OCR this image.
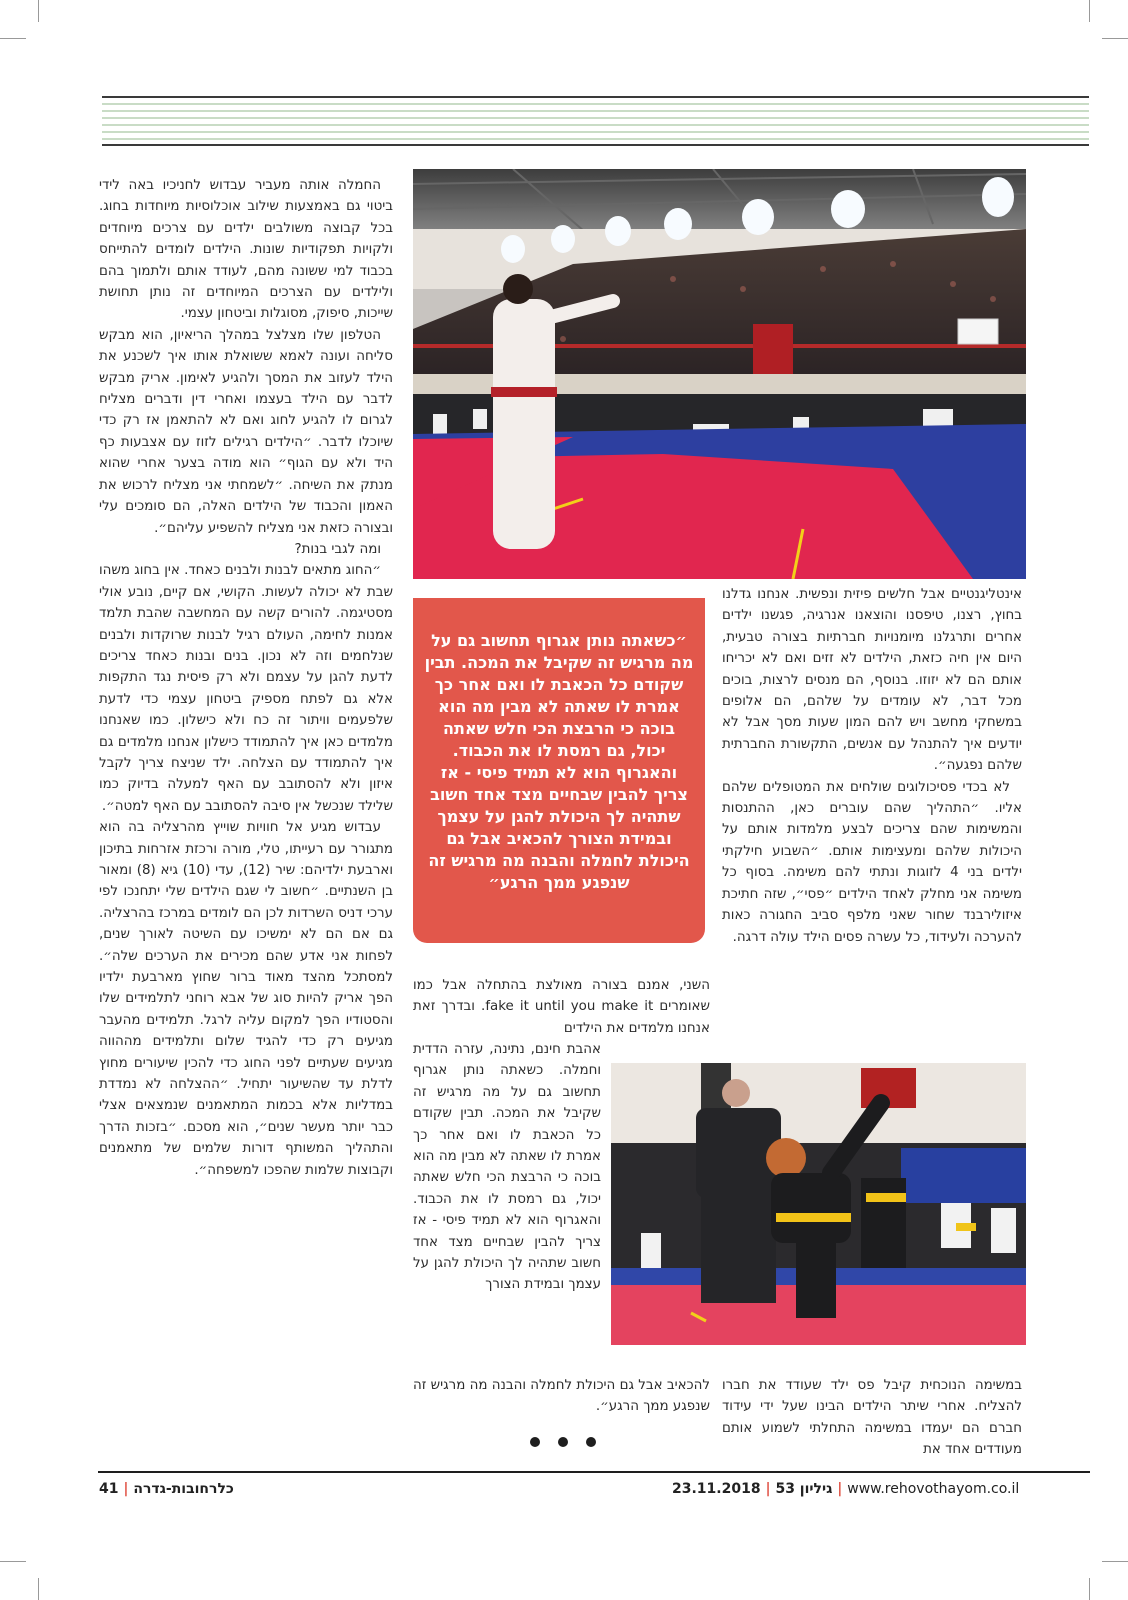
החמלה אותה מעביר עבדוש לחניכיו באה לידי ביטוי גם באמצעות שילוב אוכלוסיות מיוחדות בחוג. בכל קבוצה משולבים ילדים עם צרכים מיוחדים ולקויות תפקודיות שונות. הילדים לומדים להתייחס בכבוד למי ששונה מהם, לעודד אותם ולתמוך בהם ולילדים עם הצרכים המיוחדים זה נותן תחושת שייכות, סיפוק, מסוגלות וביטחון עצמי.

הטלפון שלו מצלצל במהלך הריאיון, הוא מבקש סליחה ועונה לאמא ששואלת אותו איך לשכנע את הילד לעזוב את המסך ולהגיע לאימון. אריק מבקש לדבר עם הילד בעצמו ואחרי דין ודברים מצליח לגרום לו להגיע לחוג ואם לא להתאמן אז רק כדי שיוכלו לדבר. ״הילדים רגילים לזוז עם אצבעות כף היד ולא עם הגוף״ הוא מודה בצער אחרי שהוא מנתק את השיחה. ״לשמחתי אני מצליח לרכוש את האמון והכבוד של הילדים האלה, הם סומכים עלי ובצורה כזאת אני מצליח להשפיע עליהם״.

ומה לגבי בנות?

״החוג מתאים לבנות ולבנים כאחד. אין בחוג משהו שבת לא יכולה לעשות. הקושי, אם קיים, נובע אולי מסטיגמה. להורים קשה עם המחשבה שהבת תלמד אמנות לחימה, העולם רגיל לבנות שרוקדות ולבנים שנלחמים וזה לא נכון. בנים ובנות כאחד צריכים לדעת להגן על עצמם ולא רק פיסית נגד התקפות אלא גם לפתח מספיק ביטחון עצמי כדי לדעת שלפעמים וויתור זה כח ולא כישלון. כמו שאנחנו מלמדים כאן איך להתמודד כישלון אנחנו מלמדים גם איך להתמודד עם הצלחה. ילד שניצח צריך לקבל איזון ולא להסתובב עם האף למעלה בדיוק כמו שלילד שנכשל אין סיבה להסתובב עם האף למטה״.

עבדוש מגיע אל חוויות שוייץ מהרצליה בה הוא מתגורר עם רעייתו, טלי, מורה ורכזת אזרחות בתיכון וארבעת ילדיהם: שיר (12), עדי (10) גיא (8) ומאור בן השנתיים. ״חשוב לי שגם הילדים שלי יתחנכו לפי ערכי דניס השרדות לכן הם לומדים במרכז בהרצליה. גם אם הם לא ימשיכו עם השיטה לאורך שנים, לפחות אני אדע שהם מכירים את הערכים שלה״. למסתכל מהצד מאוד ברור שחוץ מארבעת ילדיו הפך אריק להיות סוג של אבא רוחני לתלמידים שלו והסטודיו הפך למקום עליה לרגל. תלמידים מהעבר מגיעים רק כדי להגיד שלום ותלמידים מההווה מגיעים שעתיים לפני החוג כדי להכין שיעורים מחוץ לדלת עד שהשיעור יתחיל. ״ההצלחה לא נמדדת במדליות אלא בכמות המתאמנים שנמצאים אצלי כבר יותר מעשר שנים״, הוא מסכם. ״בזכות הדרך והתהליך המשותף דורות שלמים של מתאמנים וקבוצות שלמות שהפכו למשפחה״.

״כשאתה נותן אגרוף תחשוב גם על מה מרגיש זה שקיבל את המכה. תבין שקודם כל הכאבת לו ואם אחר כך אמרת לו שאתה לא מבין מה הוא בוכה כי הרבצת הכי חלש שאתה יכול, גם רמסת לו את הכבוד. והאגרוף הוא לא תמיד פיסי - אז צריך להבין שבחיים מצד אחד חשוב שתהיה לך היכולת להגן על עצמך ובמידת הצורך להכאיב אבל גם היכולת לחמלה והבנה מה מרגיש זה שנפגע ממך הרגע״

אינטליגנטיים אבל חלשים פיזית ונפשית. אנחנו גדלנו בחוץ, רצנו, טיפסנו והוצאנו אנרגיה, פגשנו ילדים אחרים ותרגלנו מיומנויות חברתיות בצורה טבעית, היום אין חיה כזאת, הילדים לא זזים ואם לא יכריחו אותם הם לא יזוזו. בנוסף, הם מנסים לרצות, בוכים מכל דבר, לא עומדים על שלהם, הם אלופים במשחקי מחשב ויש להם המון שעות מסך אבל לא יודעים איך להתנהל עם אנשים, התקשורת החברתית שלהם נפגעה״.

לא בכדי פסיכולוגים שולחים את המטופלים שלהם אליו. ״התהליך שהם עוברים כאן, ההתנסות והמשימות שהם צריכים לבצע מלמדות אותם על היכולות שלהם ומעצימות אותם. ״השבוע חילקתי ילדים בני 4 לזוגות ונתתי להם משימה. בסוף כל משימה אני מחלק לאחד הילדים ״פסי״, שזה חתיכת איזולירבנד שחור שאני מלפף סביב החגורה כאות להערכה ולעידוד, כל עשרה פסים הילד עולה דרגה.

השני, אמנם בצורה מאולצת בהתחלה אבל כמו שאומרים fake it until you make it. ובדרך זאת אנחנו מלמדים את הילדים

אהבת חינם, נתינה, עזרה הדדית וחמלה. כשאתה נותן אגרוף תחשוב גם על מה מרגיש זה שקיבל את המכה. תבין שקודם כל הכאבת לו ואם אחר כך אמרת לו שאתה לא מבין מה הוא בוכה כי הרבצת הכי חלש שאתה יכול, גם רמסת לו את הכבוד. והאגרוף הוא לא תמיד פיסי - אז צריך להבין שבחיים מצד אחד חשוב שתהיה לך היכולת להגן על עצמך ובמידת הצורך

להכאיב אבל גם היכולת לחמלה והבנה מה מרגיש זה שנפגע ממך הרגע״.

במשימה הנוכחית קיבל פס ילד שעודד את חברו להצליח. אחרי שיתר הילדים הבינו שעל ידי עידוד חברם הם יעמדו במשימה התחלתי לשמוע אותם מעודדים אחד את

41 | כלרחובות-גדרה	23.11.2018 | גיליון 53 | www.rehovothayom.co.il
